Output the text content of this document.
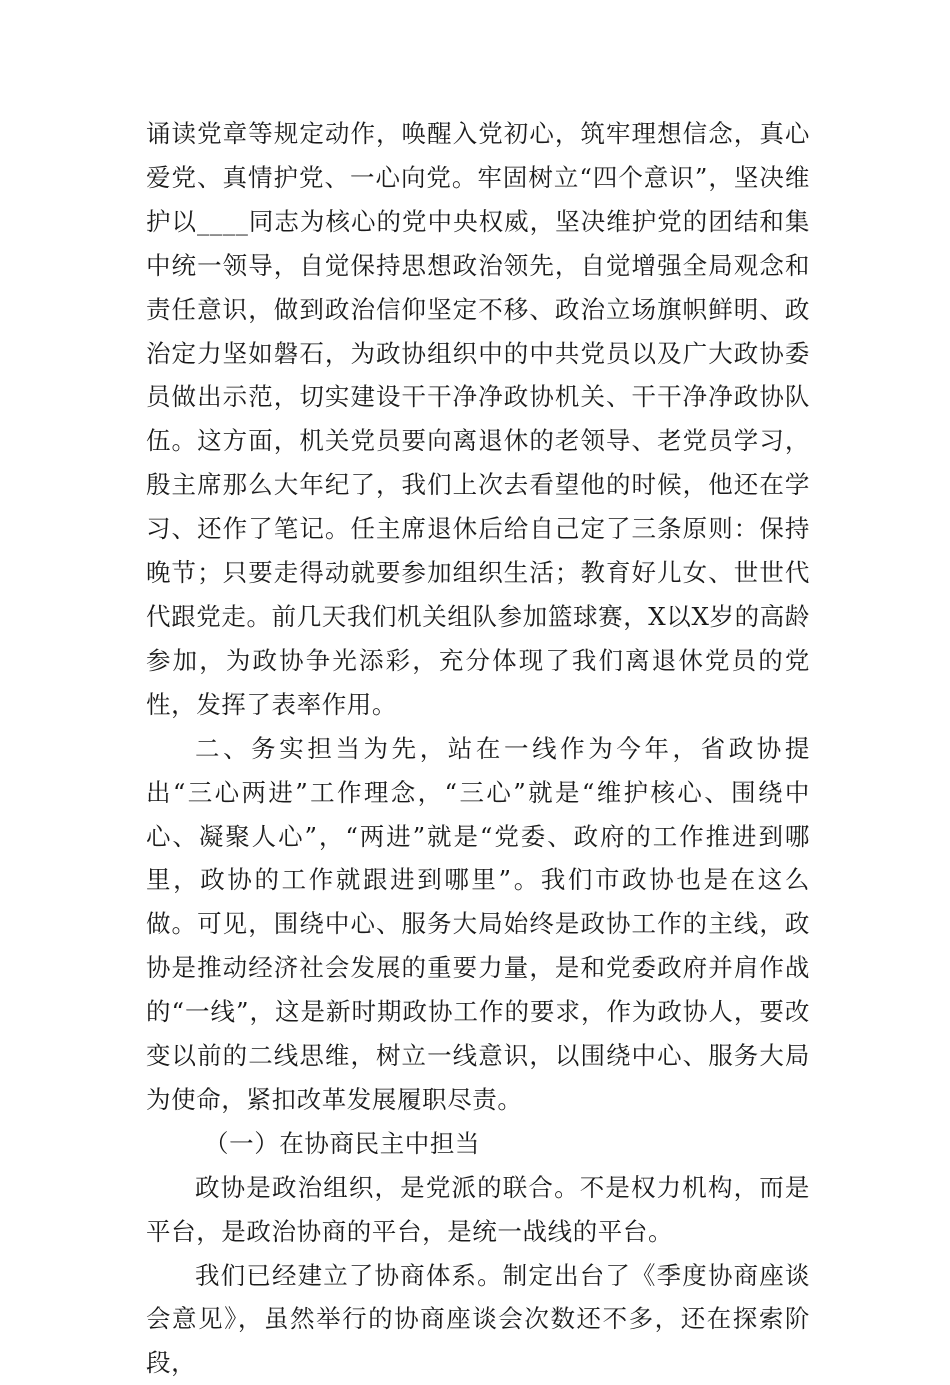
诵读党章等规定动作，唤醒入党初心，筑牢理想信念，真心爱党、真情护党、一心向党。牢固树立“四个意识”，坚决维护以____同志为核心的党中央权威，坚决维护党的团结和集中统一领导，自觉保持思想政治领先，自觉增强全局观念和责任意识，做到政治信仰坚定不移、政治立场旗帜鲜明、政治定力坚如磐石，为政协组织中的中共党员以及广大政协委员做出示范，切实建设干干净净政协机关、干干净净政协队伍。这方面，机关党员要向离退休的老领导、老党员学习，殷主席那么大年纪了，我们上次去看望他的时候，他还在学习、还作了笔记。任主席退休后给自己定了三条原则：保持晚节；只要走得动就要参加组织生活；教育好儿女、世世代代跟党走。前几天我们机关组队参加篮球赛，X以X岁的高龄参加，为政协争光添彩，充分体现了我们离退休党员的党性，发挥了表率作用。

二、务实担当为先，站在一线作为今年，省政协提出“三心两进”工作理念，“三心”就是“维护核心、围绕中心、凝聚人心”，“两进”就是“党委、政府的工作推进到哪里，政协的工作就跟进到哪里”。我们市政协也是在这么做。可见，围绕中心、服务大局始终是政协工作的主线，政协是推动经济社会发展的重要力量，是和党委政府并肩作战的“一线”，这是新时期政协工作的要求，作为政协人，要改变以前的二线思维，树立一线意识，以围绕中心、服务大局为使命，紧扣改革发展履职尽责。

（一）在协商民主中担当

政协是政治组织，是党派的联合。不是权力机构，而是平台，是政治协商的平台，是统一战线的平台。

我们已经建立了协商体系。制定出台了《季度协商座谈会意见》，虽然举行的协商座谈会次数还不多，还在探索阶段，
